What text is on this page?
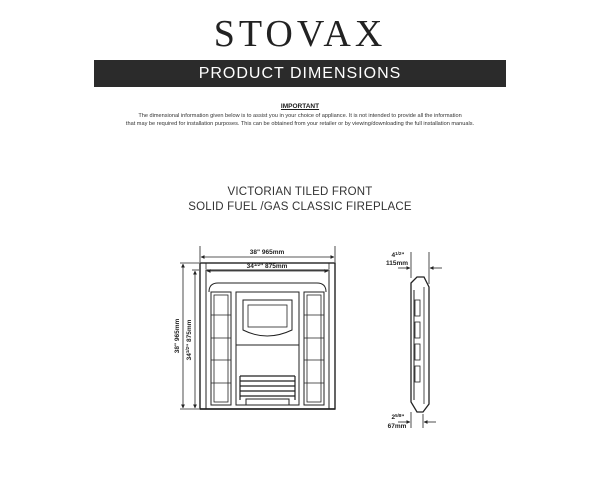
STOVAX
PRODUCT DIMENSIONS
IMPORTANT
The dimensional information given below is to assist you in your choice of appliance. It is not intended to provide all the information
that may be required for installation purposes. This can be obtained from your retailer or by viewing/downloading the full installation manuals.
VICTORIAN TILED FRONT
SOLID FUEL /GAS CLASSIC FIREPLACE
38" 965mm
$34^{1/2}$" 875mm
38" 965mm
$34^{1/2}$" 875mm
$4^{1/2}$"
115mm
$2^{5/8}$"
67mm
